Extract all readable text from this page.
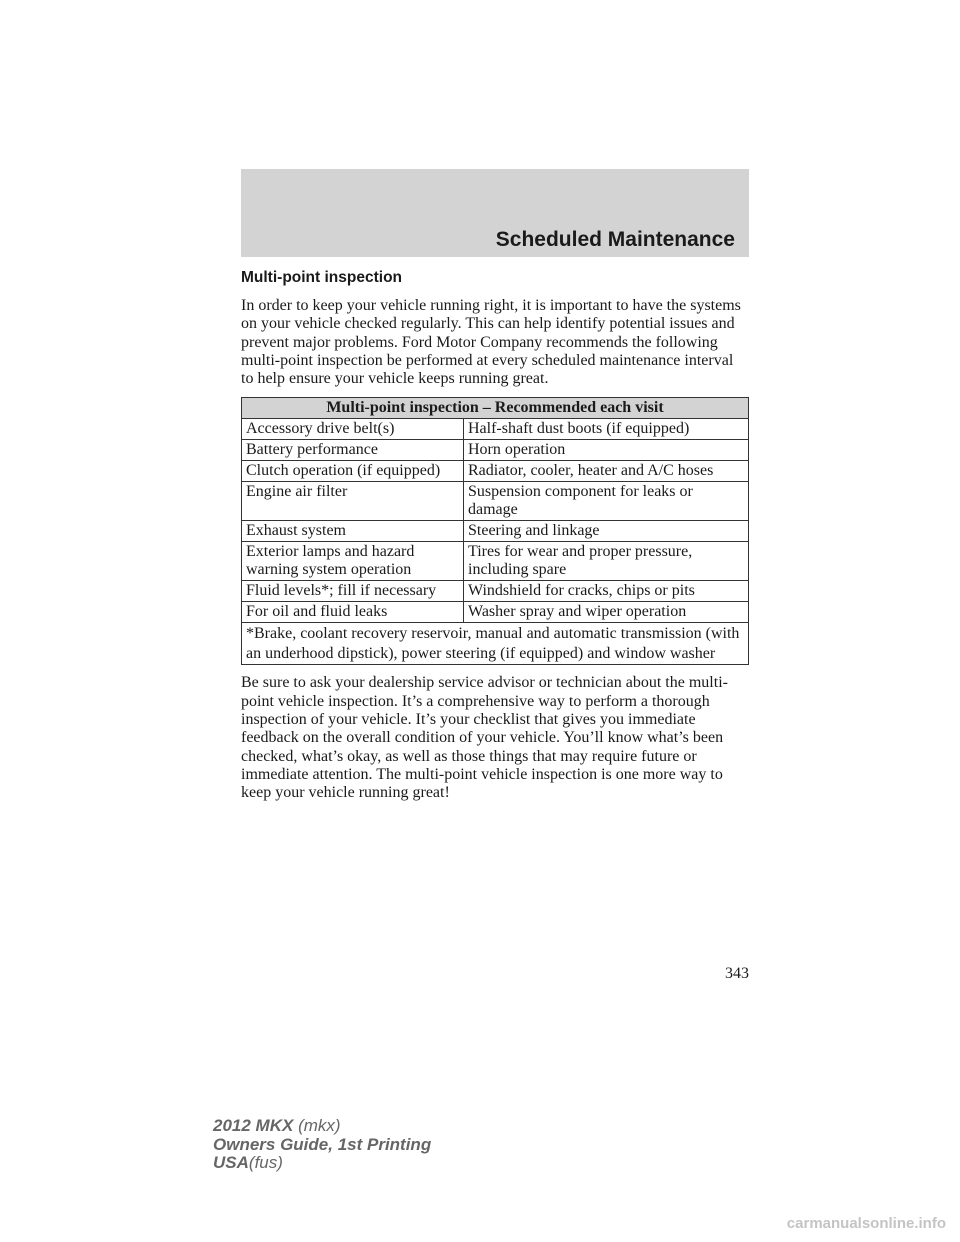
Scheduled Maintenance
Multi-point inspection

In order to keep your vehicle running right, it is important to have the systems on your vehicle checked regularly. This can help identify potential issues and prevent major problems. Ford Motor Company recommends the following multi-point inspection be performed at every scheduled maintenance interval to help ensure your vehicle keeps running great.

Multi-point inspection – Recommended each visit	
Accessory drive belt(s)	Half-shaft dust boots (if equipped)
Battery performance	Horn operation
Clutch operation (if equipped)	Radiator, cooler, heater and A/C hoses
Engine air filter	Suspension component for leaks or damage
Exhaust system	Steering and linkage
Exterior lamps and hazard warning system operation	Tires for wear and proper pressure, including spare
Fluid levels*; fill if necessary	Windshield for cracks, chips or pits
For oil and fluid leaks	Washer spray and wiper operation
*Brake, coolant recovery reservoir, manual and automatic transmission (with an underhood dipstick), power steering (if equipped) and window washer	

Be sure to ask your dealership service advisor or technician about the multi-point vehicle inspection. It’s a comprehensive way to perform a thorough inspection of your vehicle. It’s your checklist that gives you immediate feedback on the overall condition of your vehicle. You’ll know what’s been checked, what’s okay, as well as those things that may require future or immediate attention. The multi-point vehicle inspection is one more way to keep your vehicle running great!

343
2012 MKX (mkx)
Owners Guide, 1st Printing
USA(fus)
carmanualsonline.info
